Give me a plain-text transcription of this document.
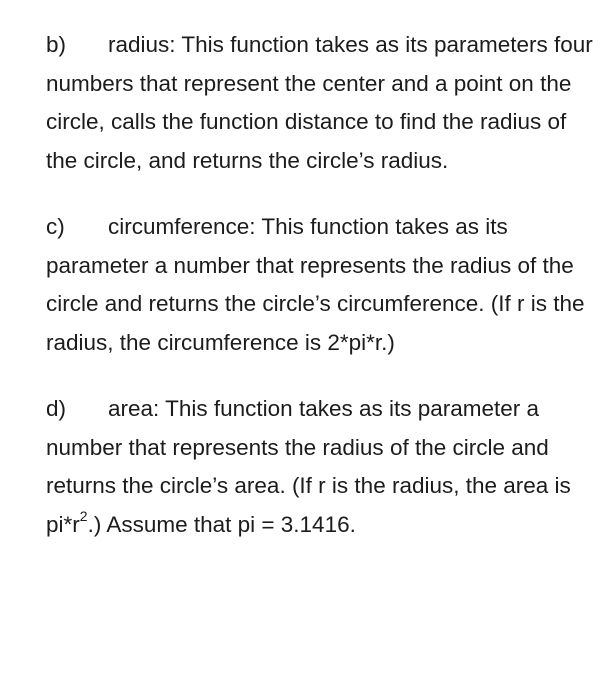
b) radius: This function takes as its parameters four numbers that represent the center and a point on the circle, calls the function distance to find the radius of the circle, and returns the circle’s radius.

c) circumference: This function takes as its parameter a number that represents the radius of the circle and returns the circle’s circumference. (If r is the radius, the circumference is 2*pi*r.)

d) area: This function takes as its parameter a number that represents the radius of the circle and returns the circle’s area. (If r is the radius, the area is $pi*r^2$.) Assume that pi = 3.1416.
